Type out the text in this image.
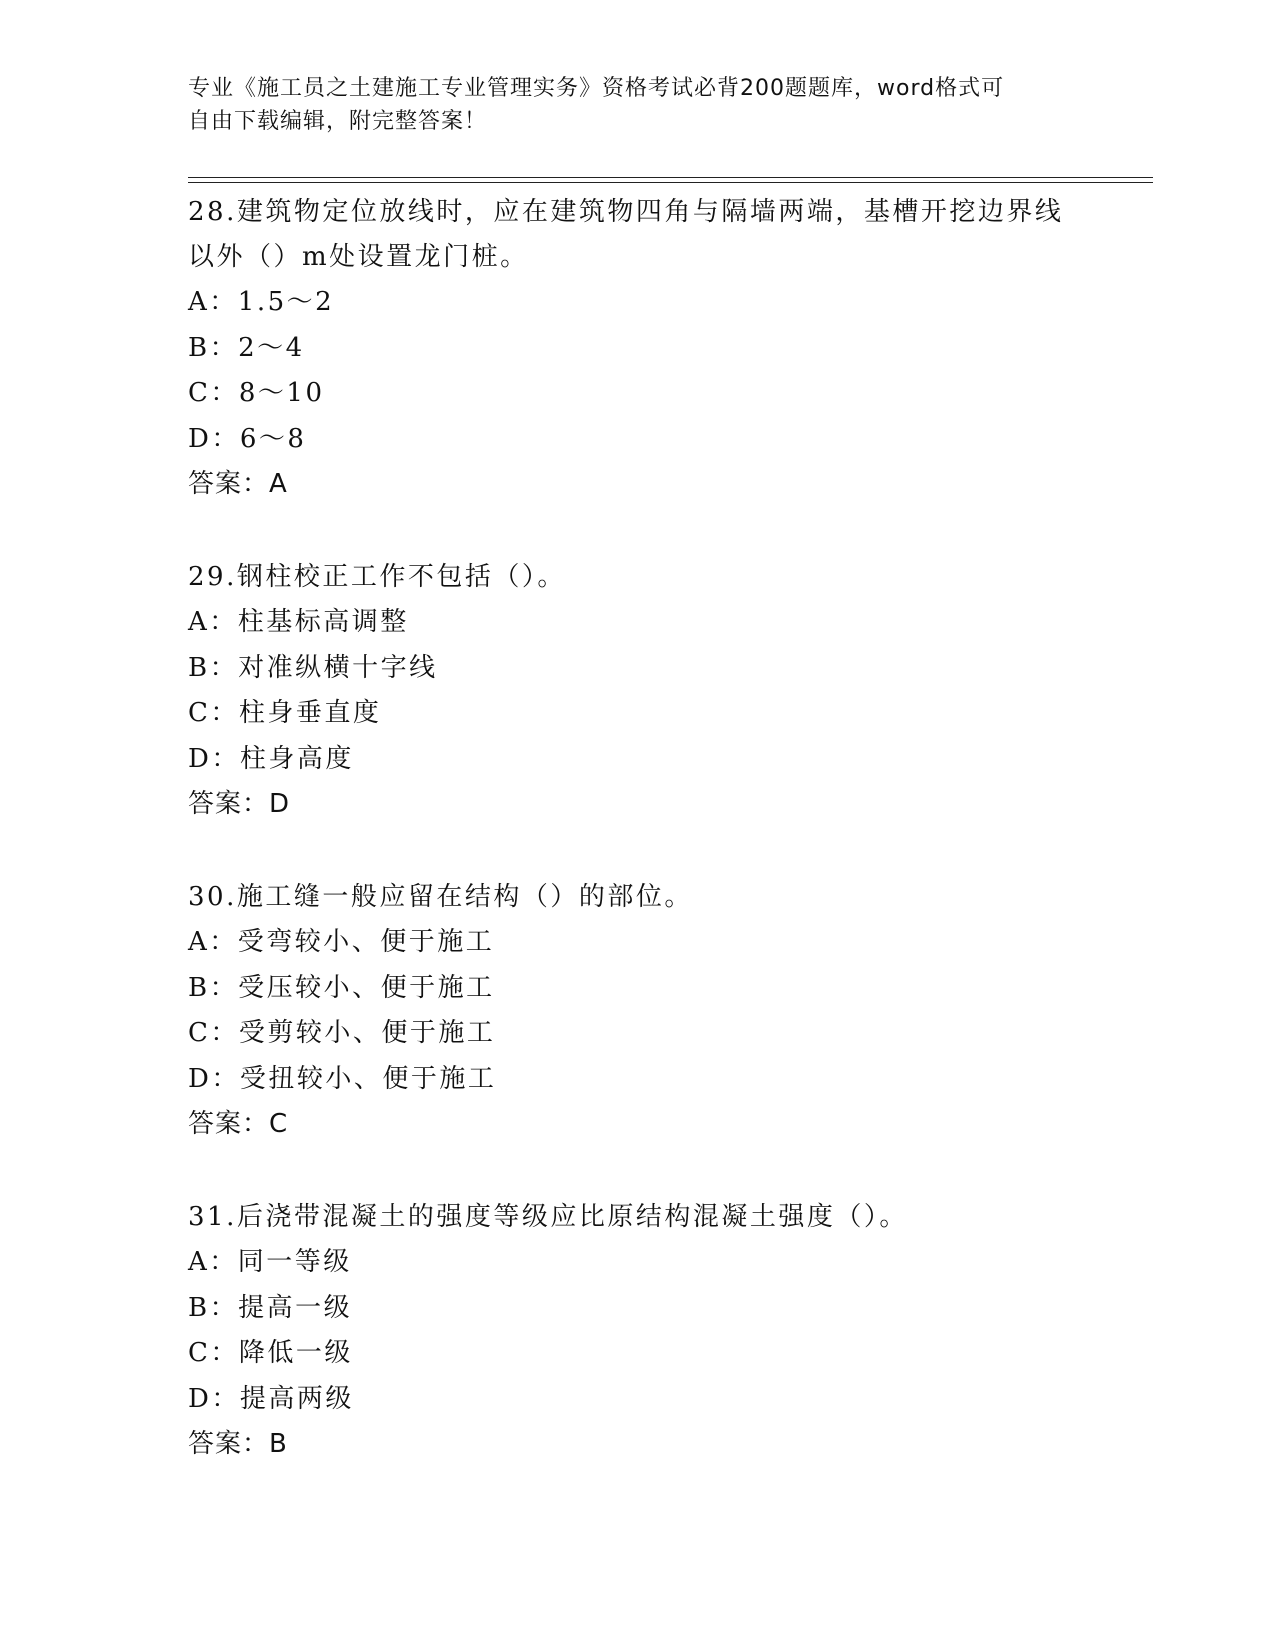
专业《施工员之土建施工专业管理实务》资格考试必背200题题库，word格式可
自由下载编辑，附完整答案！

28.建筑物定位放线时，应在建筑物四角与隔墙两端，基槽开挖边界线

以外（）m处设置龙门桩。

A：1.5～2

B：2～4

C：8～10

D：6～8

答案：A

29.钢柱校正工作不包括（）。

A：柱基标高调整

B：对准纵横十字线

C：柱身垂直度

D：柱身高度

答案：D

30.施工缝一般应留在结构（）的部位。

A：受弯较小、便于施工

B：受压较小、便于施工

C：受剪较小、便于施工

D：受扭较小、便于施工

答案：C

31.后浇带混凝土的强度等级应比原结构混凝土强度（）。

A：同一等级

B：提高一级

C：降低一级

D：提高两级

答案：B
